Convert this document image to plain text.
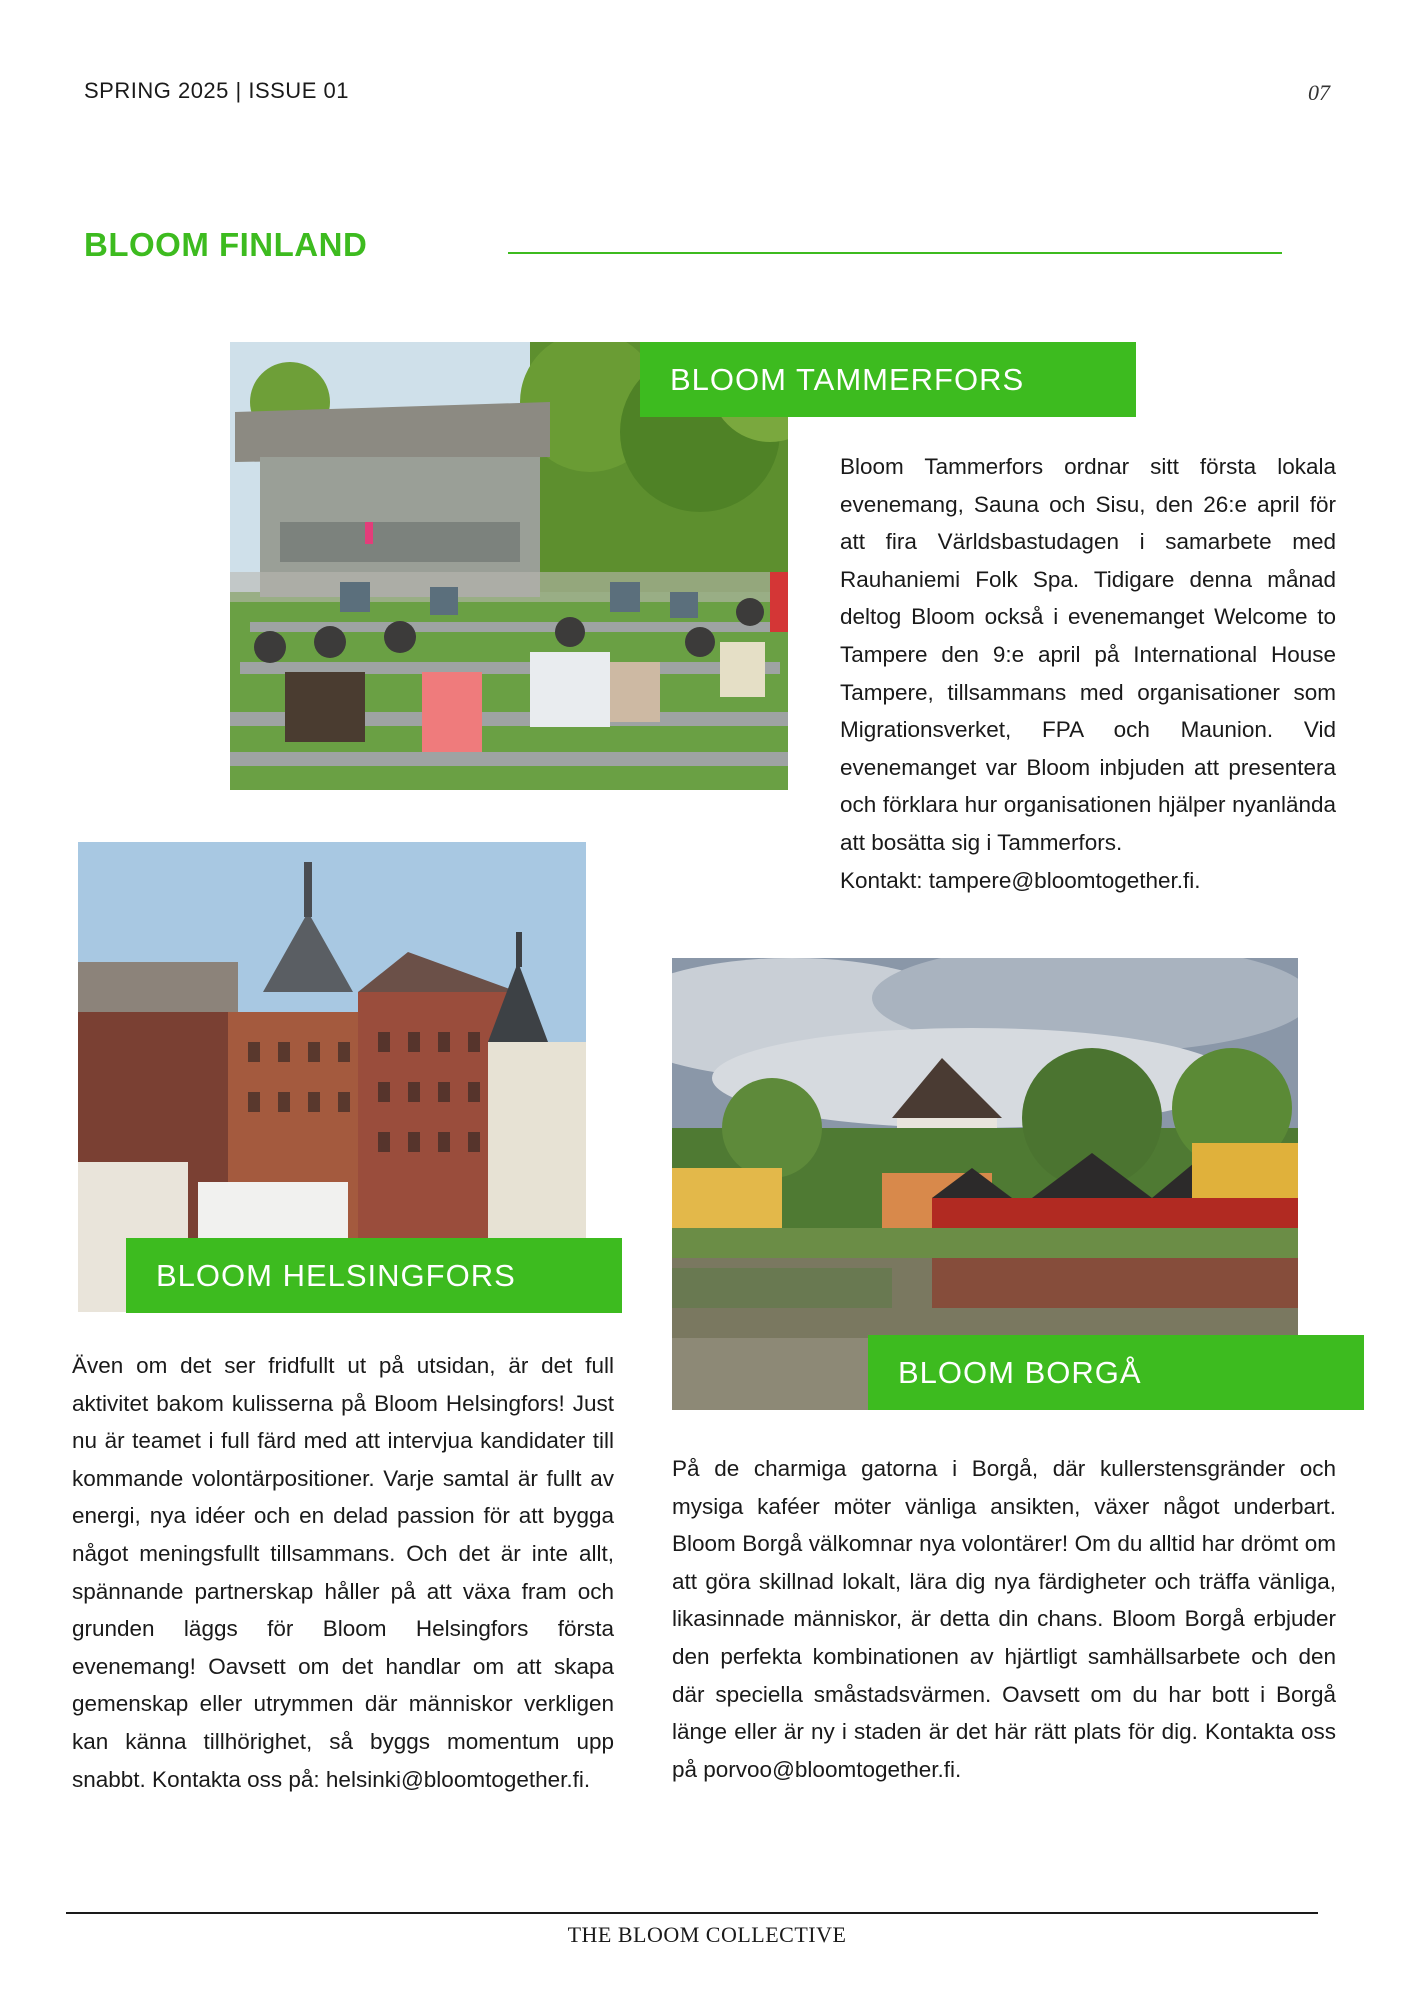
SPRING 2025 | ISSUE 01	07
BLOOM FINLAND
BLOOM TAMMERFORS

Bloom Tammerfors ordnar sitt första lokala evenemang, Sauna och Sisu, den 26:e april för att fira Världsbastudagen i samarbete med Rauhaniemi Folk Spa. Tidigare denna månad deltog Bloom också i evenemanget Welcome to Tampere den 9:e april på International House Tampere, tillsammans med organisationer som Migrationsverket, FPA och Maunion. Vid evenemanget var Bloom inbjuden att presentera och förklara hur organisationen hjälper nyanlända att bosätta sig i Tammerfors.

Kontakt: tampere@bloomtogether.fi.

BLOOM HELSINGFORS

Även om det ser fridfullt ut på utsidan, är det full aktivitet bakom kulisserna på Bloom Helsingfors! Just nu är teamet i full färd med att intervjua kandidater till kommande volontärpositioner. Varje samtal är fullt av energi, nya idéer och en delad passion för att bygga något meningsfullt tillsammans. Och det är inte allt, spännande partnerskap håller på att växa fram och grunden läggs för Bloom Helsingfors första evenemang! Oavsett om det handlar om att skapa gemenskap eller utrymmen där människor verkligen kan känna tillhörighet, så byggs momentum upp snabbt. Kontakta oss på: helsinki@bloomtogether.fi.

BLOOM BORGÅ

På de charmiga gatorna i Borgå, där kullerstensgränder och mysiga kaféer möter vänliga ansikten, växer något underbart. Bloom Borgå välkomnar nya volontärer! Om du alltid har drömt om att göra skillnad lokalt, lära dig nya färdigheter och träffa vänliga, likasinnade människor, är detta din chans. Bloom Borgå erbjuder den perfekta kombinationen av hjärtligt samhällsarbete och den där speciella småstadsvärmen. Oavsett om du har bott i Borgå länge eller är ny i staden är det här rätt plats för dig. Kontakta oss på porvoo@bloomtogether.fi.

THE BLOOM COLLECTIVE
